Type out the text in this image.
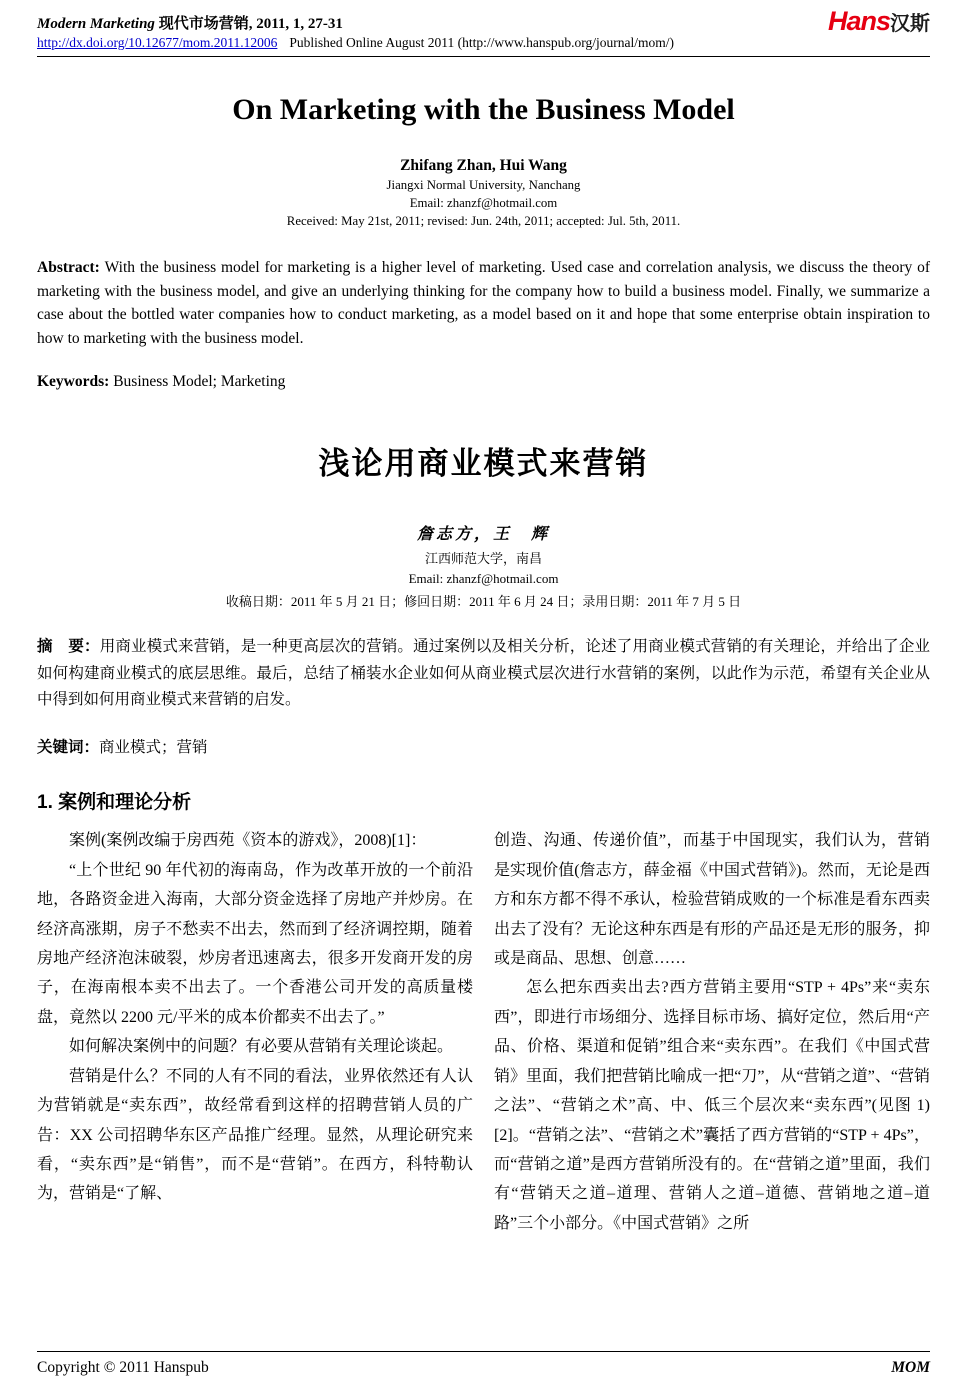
Modern Marketing 现代市场营销, 2011, 1, 27-31
http://dx.doi.org/10.12677/mom.2011.12006 Published Online August 2011 (http://www.hanspub.org/journal/mom/)
Hans汉斯
On Marketing with the Business Model
Zhifang Zhan, Hui Wang
Jiangxi Normal University, Nanchang
Email: zhanzf@hotmail.com
Received: May 21st, 2011; revised: Jun. 24th, 2011; accepted: Jul. 5th, 2011.

Abstract: With the business model for marketing is a higher level of marketing. Used case and correlation analysis, we discuss the theory of marketing with the business model, and give an underlying thinking for the company how to build a business model. Finally, we summarize a case about the bottled water companies how to conduct marketing, as a model based on it and hope that some enterprise obtain inspiration to how to marketing with the business model.

Keywords: Business Model; Marketing

浅论用商业模式来营销
詹志方，王　辉
江西师范大学，南昌
Email: zhanzf@hotmail.com
收稿日期：2011 年 5 月 21 日；修回日期：2011 年 6 月 24 日；录用日期：2011 年 7 月 5 日

摘　要：用商业模式来营销，是一种更高层次的营销。通过案例以及相关分析，论述了用商业模式营销的有关理论，并给出了企业如何构建商业模式的底层思维。最后，总结了桶装水企业如何从商业模式层次进行水营销的案例，以此作为示范，希望有关企业从中得到如何用商业模式来营销的启发。

关键词：商业模式；营销

1. 案例和理论分析

案例(案例改编于房西苑《资本的游戏》，2008)[1]：

“上个世纪 90 年代初的海南岛，作为改革开放的一个前沿地，各路资金进入海南，大部分资金选择了房地产并炒房。在经济高涨期，房子不愁卖不出去，然而到了经济调控期，随着房地产经济泡沫破裂，炒房者迅速离去，很多开发商开发的房子，在海南根本卖不出去了。一个香港公司开发的高质量楼盘，竟然以 2200 元/平米的成本价都卖不出去了。”

如何解决案例中的问题？有必要从营销有关理论谈起。

营销是什么？不同的人有不同的看法，业界依然还有人认为营销就是“卖东西”，故经常看到这样的招聘营销人员的广告：XX 公司招聘华东区产品推广经理。显然，从理论研究来看，“卖东西”是“销售”，而不是“营销”。在西方，科特勒认为，营销是“了解、

创造、沟通、传递价值”，而基于中国现实，我们认为，营销是实现价值(詹志方，薛金福《中国式营销》)。然而，无论是西方和东方都不得不承认，检验营销成败的一个标准是看东西卖出去了没有？无论这种东西是有形的产品还是无形的服务，抑或是商品、思想、创意……

怎么把东西卖出去?西方营销主要用“STP + 4Ps”来“卖东西”，即进行市场细分、选择目标市场、搞好定位，然后用“产品、价格、渠道和促销”组合来“卖东西”。在我们《中国式营销》里面，我们把营销比喻成一把“刀”，从“营销之道”、“营销之法”、“营销之术”高、中、低三个层次来“卖东西”(见图 1)[2]。“营销之法”、“营销之术”囊括了西方营销的“STP + 4Ps”，而“营销之道”是西方营销所没有的。在“营销之道”里面，我们有“营销天之道–道理、营销人之道–道德、营销地之道–道路”三个小部分。《中国式营销》之所

Copyright © 2011 Hanspub	MOM
